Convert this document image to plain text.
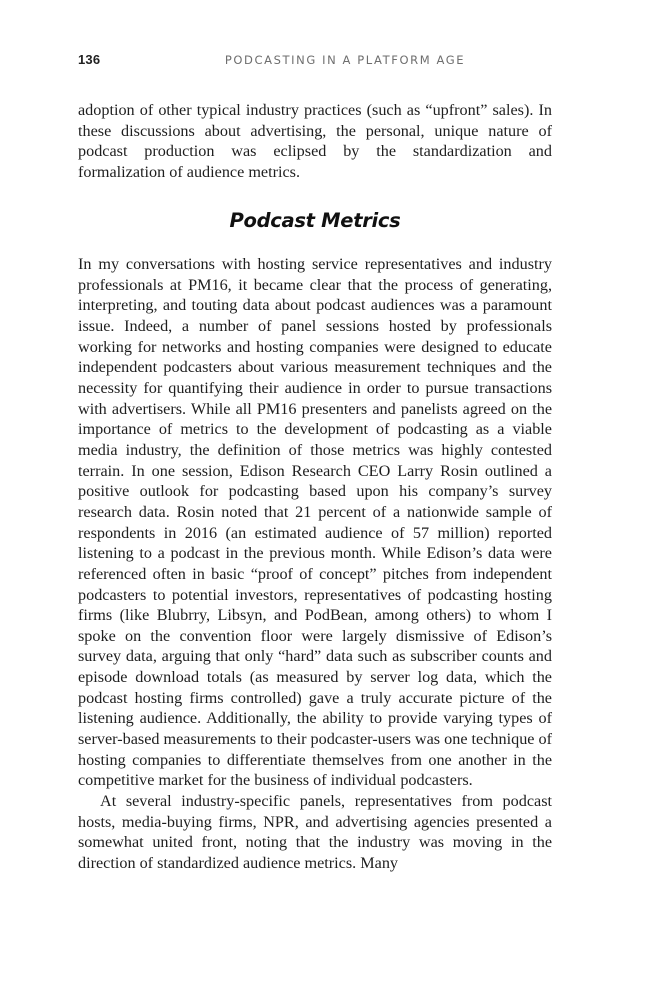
136	PODCASTING IN A PLATFORM AGE

adoption of other typical industry practices (such as “upfront” sales). In these discussions about advertising, the personal, unique nature of podcast production was eclipsed by the standardization and formalization of audience metrics.

Podcast Metrics

In my conversations with hosting service representatives and industry professionals at PM16, it became clear that the process of generating, interpreting, and touting data about podcast audiences was a paramount issue. Indeed, a number of panel sessions hosted by professionals working for networks and hosting companies were designed to educate independent podcasters about various measurement techniques and the necessity for quantifying their audience in order to pursue transactions with advertisers. While all PM16 presenters and panelists agreed on the importance of metrics to the development of podcasting as a viable media industry, the definition of those metrics was highly contested terrain. In one session, Edison Research CEO Larry Rosin outlined a positive outlook for podcasting based upon his company’s survey research data. Rosin noted that 21 percent of a nationwide sample of respondents in 2016 (an estimated audience of 57 million) reported listening to a podcast in the previous month. While Edison’s data were referenced often in basic “proof of concept” pitches from independent podcasters to potential investors, representatives of podcasting hosting firms (like Blubrry, Libsyn, and PodBean, among others) to whom I spoke on the convention floor were largely dismissive of Edison’s survey data, arguing that only “hard” data such as subscriber counts and episode download totals (as measured by server log data, which the podcast hosting firms controlled) gave a truly accurate picture of the listening audience. Additionally, the ability to provide varying types of server-based measurements to their podcaster-users was one technique of hosting companies to differentiate themselves from one another in the competitive market for the business of individual podcasters.

At several industry-specific panels, representatives from podcast hosts, media-buying firms, NPR, and advertising agencies presented a somewhat united front, noting that the industry was moving in the direction of standardized audience metrics. Many
